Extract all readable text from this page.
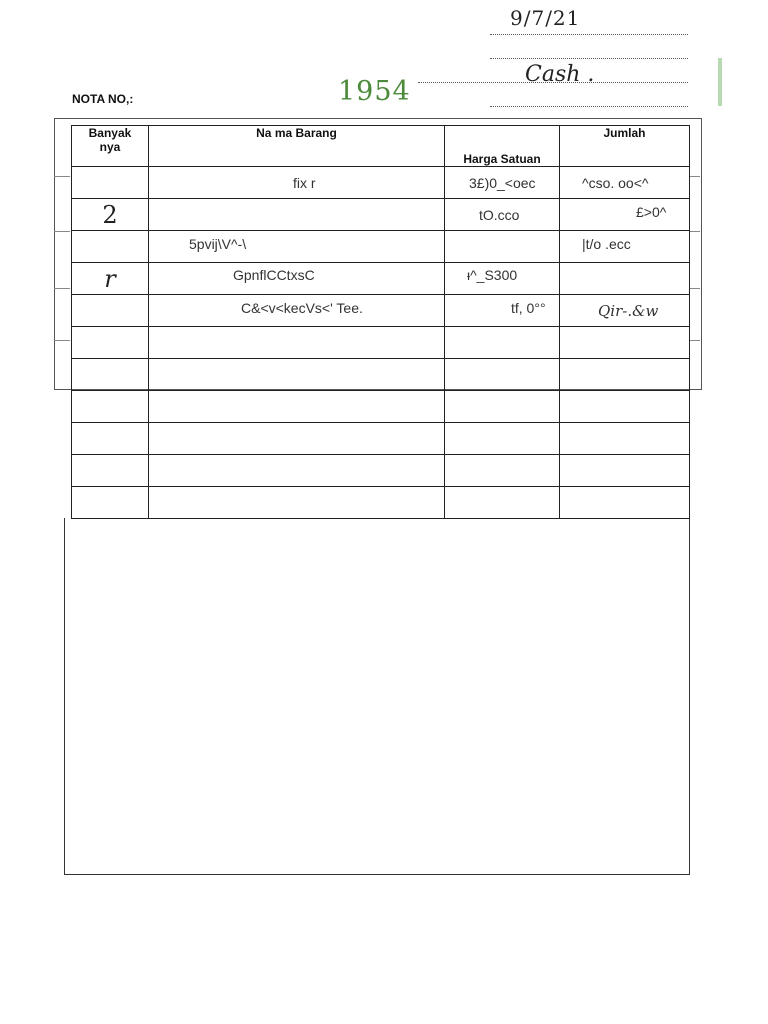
9/7/21
Cash .
NOTA NO,:	1954
Banyak nya	Na ma Barang	Harga Satuan	Jumlah

	fix r	3£)0_<oec	^cso. oo<^

2		tO.cco	£>0^

	5pvij\V^-\		|t/o .ecc

r	GpnflCCtxsC	ᵼ^_S300	

	C&<v<kecVs<' Tee.	tf, 0°°	Qir-.&w
